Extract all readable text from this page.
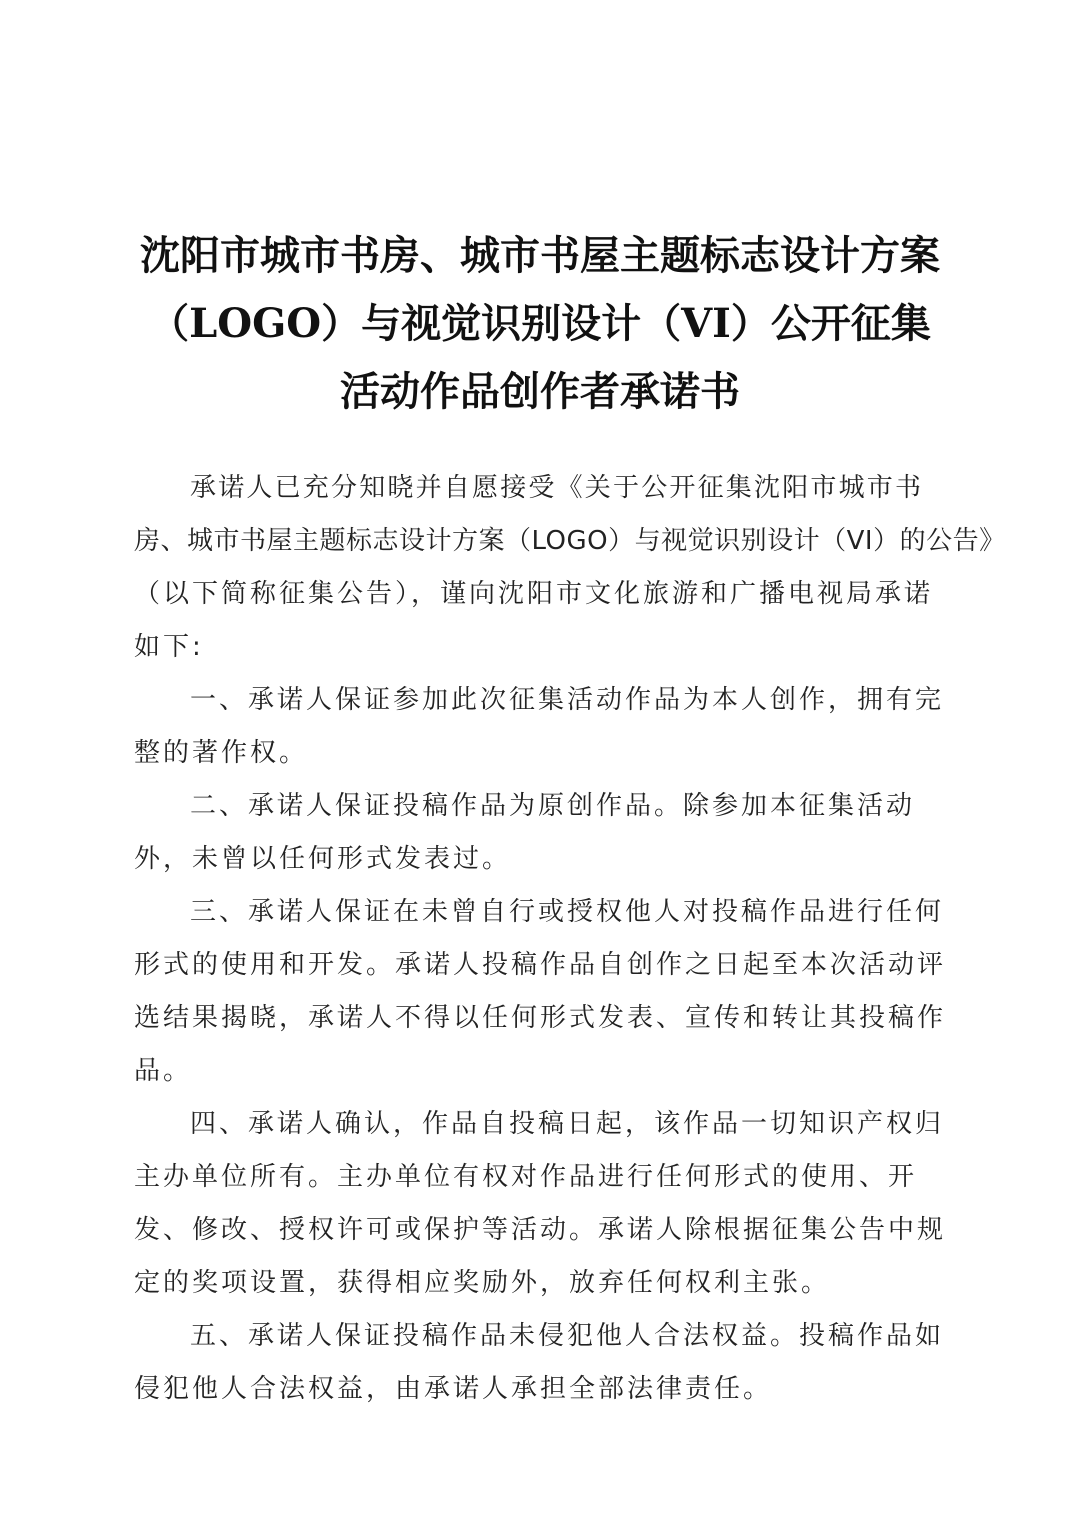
沈阳市城市书房、城市书屋主题标志设计方案
（LOGO）与视觉识别设计（VI）公开征集
活动作品创作者承诺书
承诺人已充分知晓并自愿接受《关于公开征集沈阳市城市书
房、城市书屋主题标志设计方案（LOGO）与视觉识别设计（VI）的公告》
（以下简称征集公告），谨向沈阳市文化旅游和广播电视局承诺
如下:
一、承诺人保证参加此次征集活动作品为本人创作，拥有完
整的著作权。
二、承诺人保证投稿作品为原创作品。除参加本征集活动
外，未曾以任何形式发表过。
三、承诺人保证在未曾自行或授权他人对投稿作品进行任何
形式的使用和开发。承诺人投稿作品自创作之日起至本次活动评
选结果揭晓，承诺人不得以任何形式发表、宣传和转让其投稿作
品。
四、承诺人确认，作品自投稿日起，该作品一切知识产权归
主办单位所有。主办单位有权对作品进行任何形式的使用、开
发、修改、授权许可或保护等活动。承诺人除根据征集公告中规
定的奖项设置，获得相应奖励外，放弃任何权利主张。
五、承诺人保证投稿作品未侵犯他人合法权益。投稿作品如
侵犯他人合法权益，由承诺人承担全部法律责任。
